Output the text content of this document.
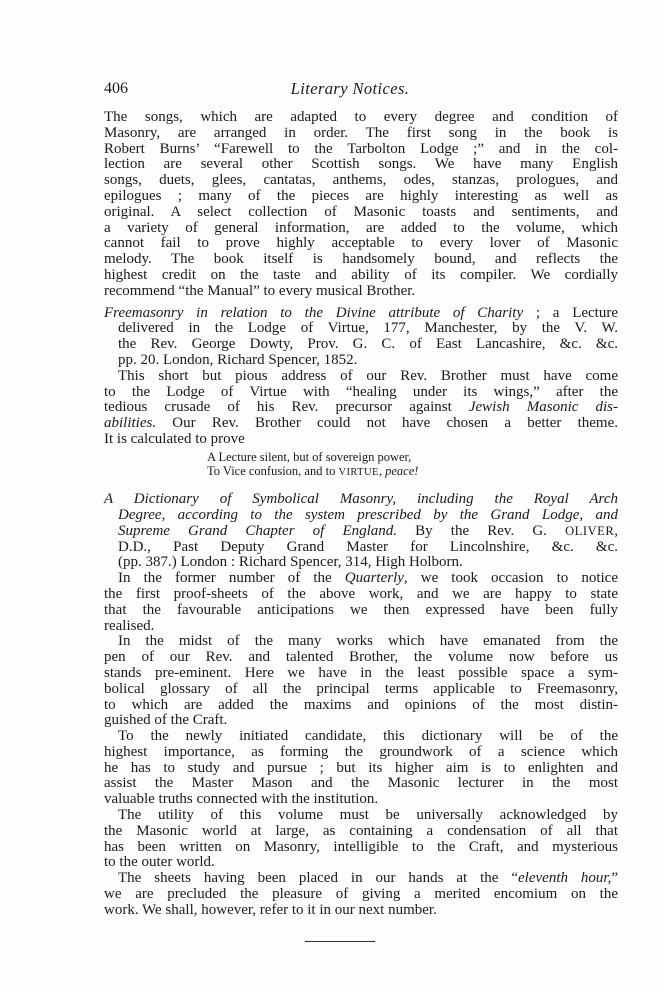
406	Literary Notices.
The songs, which are adapted to every degree and condition of
Masonry, are arranged in order. The first song in the book is
Robert Burns’ “Farewell to the Tarbolton Lodge ;” and in the col-
lection are several other Scottish songs. We have many English
songs, duets, glees, cantatas, anthems, odes, stanzas, prologues, and
epilogues ; many of the pieces are highly interesting as well as
original. A select collection of Masonic toasts and sentiments, and
a variety of general information, are added to the volume, which
cannot fail to prove highly acceptable to every lover of Masonic
melody. The book itself is handsomely bound, and reflects the
highest credit on the taste and ability of its compiler. We cordially
recommend “the Manual” to every musical Brother.
Freemasonry in relation to the Divine attribute of Charity ; a Lecture
delivered in the Lodge of Virtue, 177, Manchester, by the V. W.
the Rev. George Dowty, Prov. G. C. of East Lancashire, &c. &c.
pp. 20. London, Richard Spencer, 1852.
This short but pious address of our Rev. Brother must have come
to the Lodge of Virtue with “healing under its wings,” after the
tedious crusade of his Rev. precursor against Jewish Masonic dis-
abilities. Our Rev. Brother could not have chosen a better theme.
It is calculated to prove
A Lecture silent, but of sovereign power,
To Vice confusion, and to VIRTUE, peace!
A Dictionary of Symbolical Masonry, including the Royal Arch
Degree, according to the system prescribed by the Grand Lodge, and
Supreme Grand Chapter of England. By the Rev. G. OLIVER,
D.D., Past Deputy Grand Master for Lincolnshire, &c. &c.
(pp. 387.) London : Richard Spencer, 314, High Holborn.
In the former number of the Quarterly, we took occasion to notice
the first proof-sheets of the above work, and we are happy to state
that the favourable anticipations we then expressed have been fully
realised.
In the midst of the many works which have emanated from the
pen of our Rev. and talented Brother, the volume now before us
stands pre-eminent. Here we have in the least possible space a sym-
bolical glossary of all the principal terms applicable to Freemasonry,
to which are added the maxims and opinions of the most distin-
guished of the Craft.
To the newly initiated candidate, this dictionary will be of the
highest importance, as forming the groundwork of a science which
he has to study and pursue ; but its higher aim is to enlighten and
assist the Master Mason and the Masonic lecturer in the most
valuable truths connected with the institution.
The utility of this volume must be universally acknowledged by
the Masonic world at large, as containing a condensation of all that
has been written on Masonry, intelligible to the Craft, and mysterious
to the outer world.
The sheets having been placed in our hands at the “eleventh hour,”
we are precluded the pleasure of giving a merited encomium on the
work. We shall, however, refer to it in our next number.
